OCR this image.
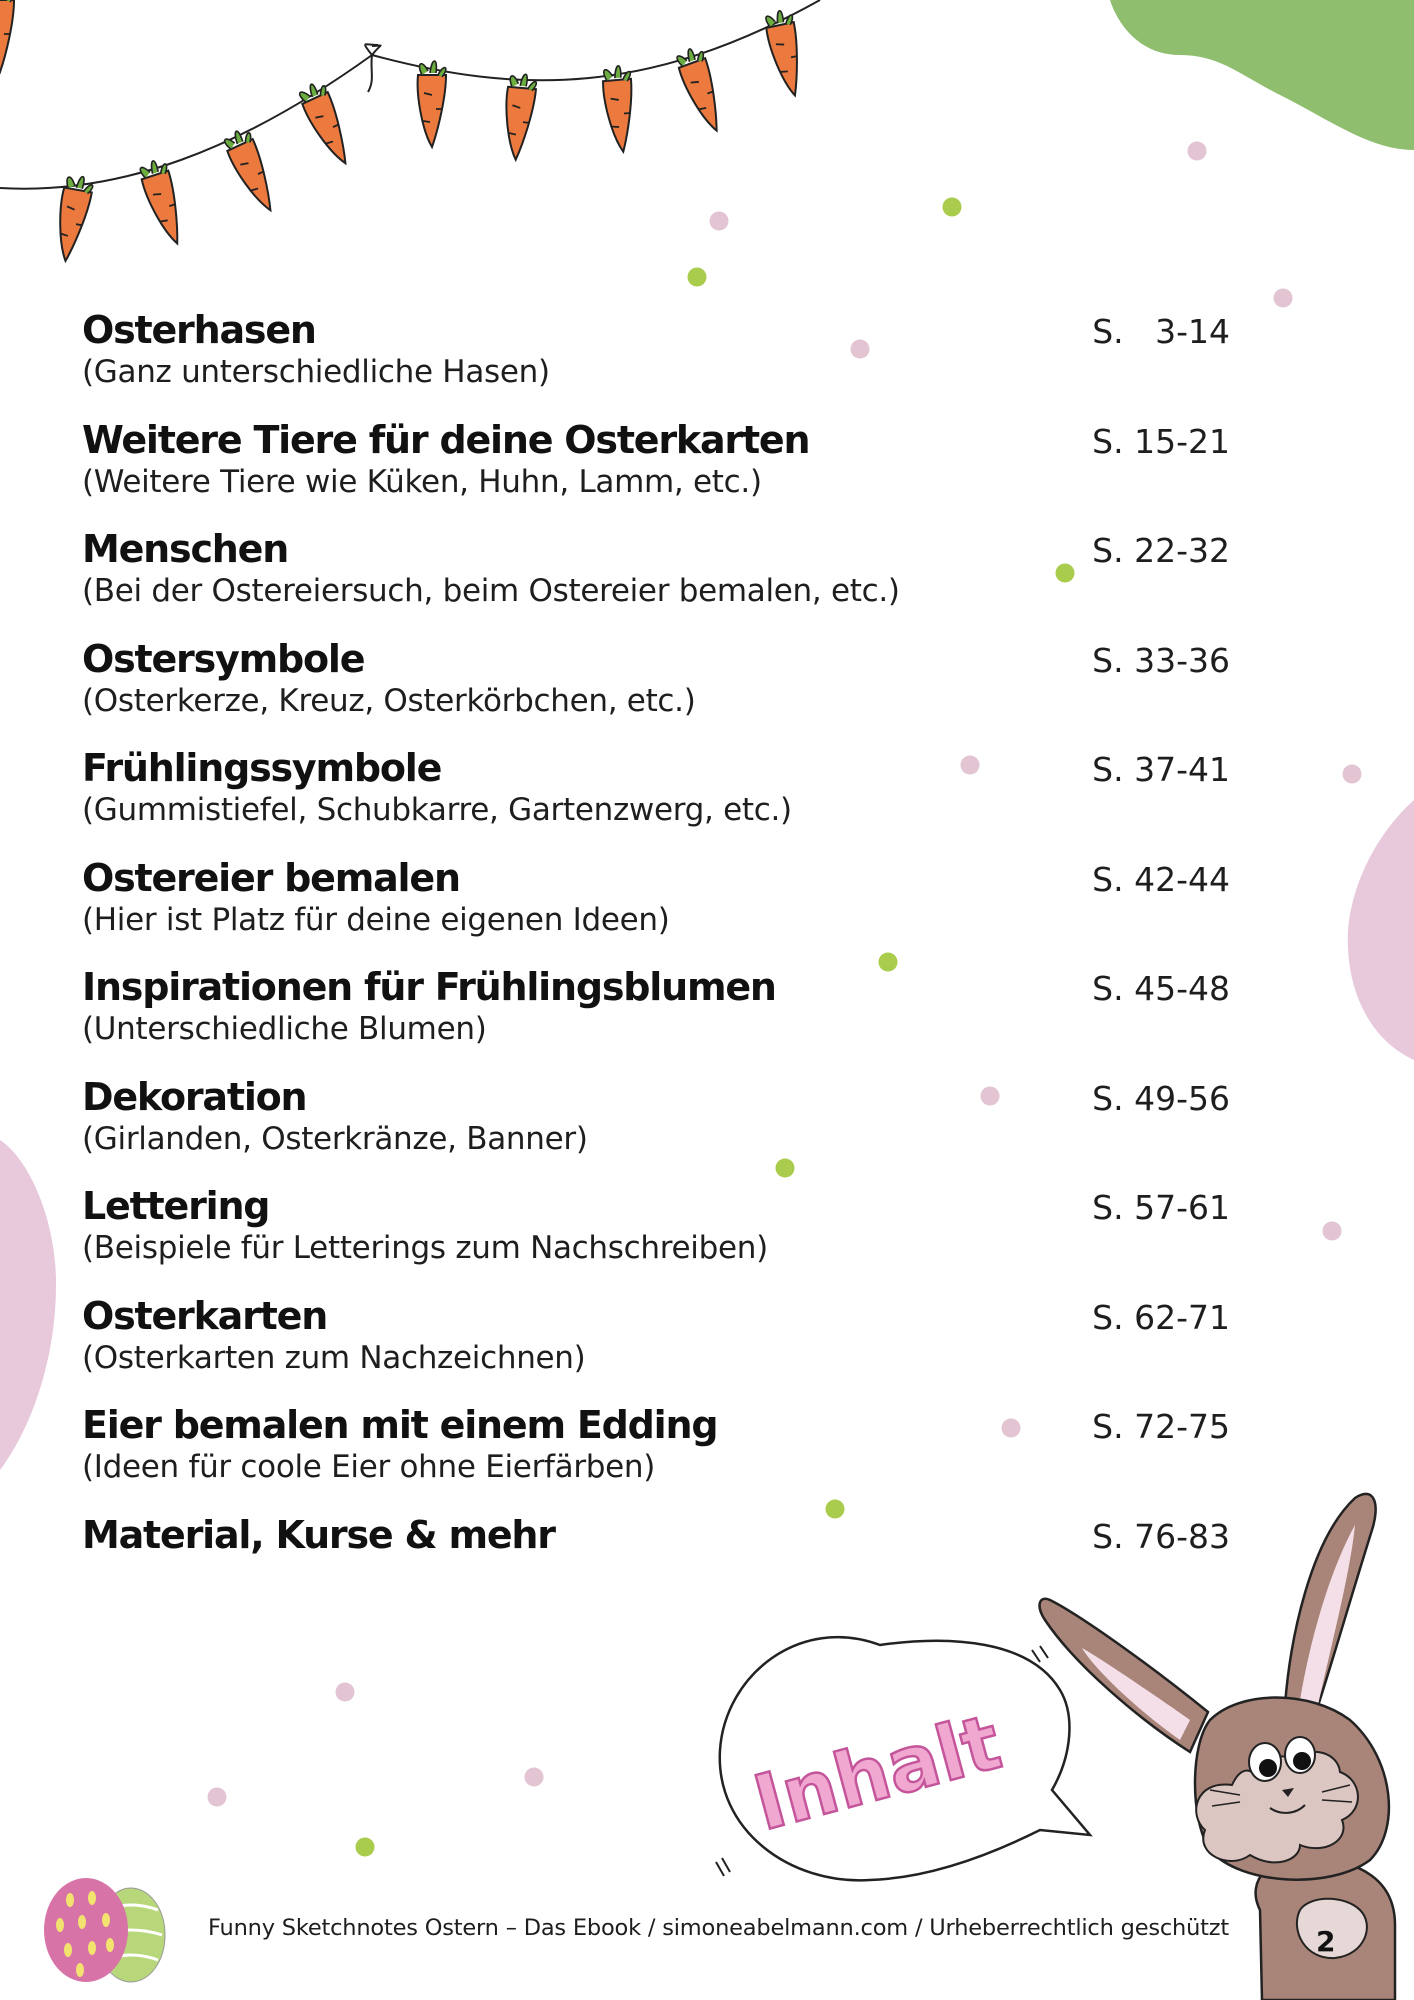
Inhalt
Osterhasen
(Ganz unterschiedliche Hasen)
S.   3-14
Weitere Tiere für deine Osterkarten
(Weitere Tiere wie Küken, Huhn, Lamm, etc.)
S. 15-21
Menschen
(Bei der Ostereiersuch, beim Ostereier bemalen, etc.)
S. 22-32
Ostersymbole
(Osterkerze, Kreuz, Osterkörbchen, etc.)
S. 33-36
Frühlingssymbole
(Gummistiefel, Schubkarre, Gartenzwerg, etc.)
S. 37-41
Ostereier bemalen
(Hier ist Platz für deine eigenen Ideen)
S. 42-44
Inspirationen für Frühlingsblumen
(Unterschiedliche Blumen)
S. 45-48
Dekoration
(Girlanden, Osterkränze, Banner)
S. 49-56
Lettering
(Beispiele für Letterings zum Nachschreiben)
S. 57-61
Osterkarten
(Osterkarten zum Nachzeichnen)
S. 62-71
Eier bemalen mit einem Edding
(Ideen für coole Eier ohne Eierfärben)
S. 72-75
Material, Kurse & mehr	S. 76-83
Funny Sketchnotes Ostern – Das Ebook / simoneabelmann.com / Urheberrechtlich geschützt	2
